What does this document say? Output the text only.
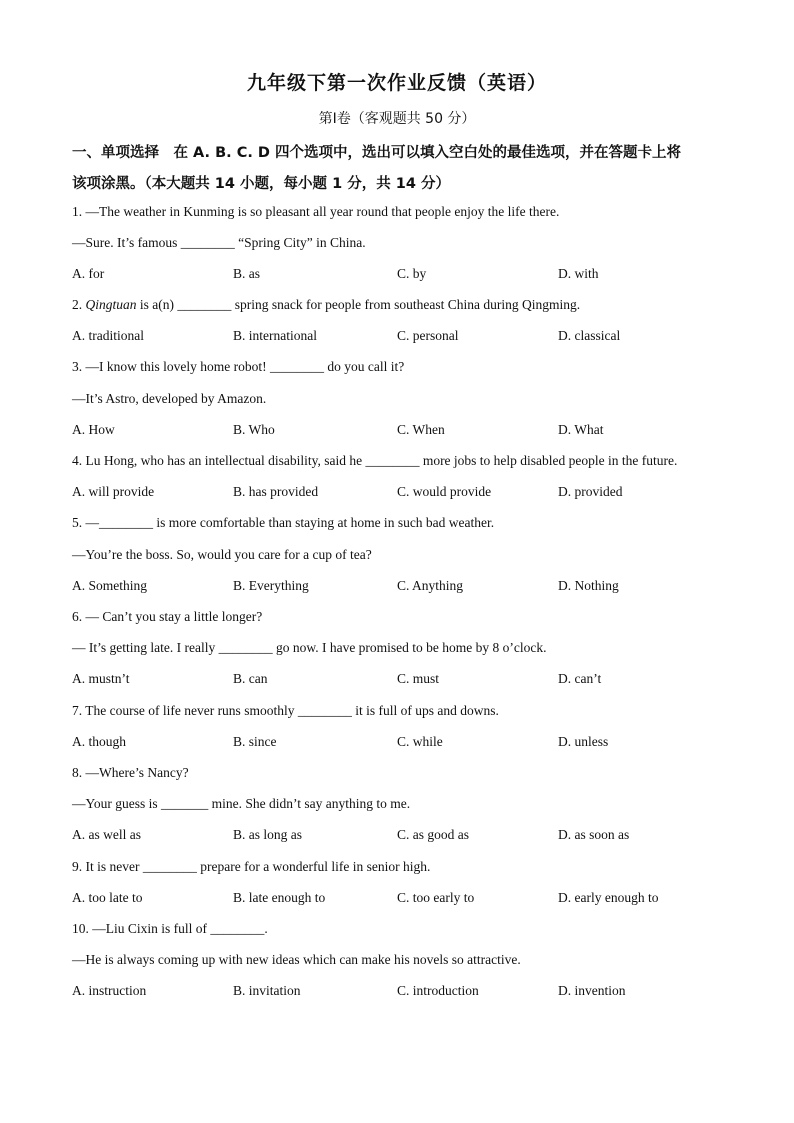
九年级下第一次作业反馈（英语）
第Ⅰ卷（客观题共 50 分）
一、单项选择　在 A. B. C. D 四个选项中，选出可以填入空白处的最佳选项，并在答题卡上将
该项涂黑。（本大题共 14 小题，每小题 1 分，共 14 分）
1. —The weather in Kunming is so pleasant all year round that people enjoy the life there.
—Sure. It’s famous ________ “Spring City” in China.
A. for	B. as	C. by	D. with
2. Qingtuan is a(n) ________ spring snack for people from southeast China during Qingming.
A. traditional	B. international	C. personal	D. classical
3. —I know this lovely home robot! ________ do you call it?
—It’s Astro, developed by Amazon.
A. How	B. Who	C. When	D. What
4. Lu Hong, who has an intellectual disability, said he ________ more jobs to help disabled people in the future.
A. will provide	B. has provided	C. would provide	D. provided
5. —________ is more comfortable than staying at home in such bad weather.
—You’re the boss. So, would you care for a cup of tea?
A. Something	B. Everything	C. Anything	D. Nothing
6. — Can’t you stay a little longer?
— It’s getting late. I really ________ go now. I have promised to be home by 8 o’clock.
A. mustn’t	B. can	C. must	D. can’t
7. The course of life never runs smoothly ________ it is full of ups and downs.
A. though	B. since	C. while	D. unless
8. —Where’s Nancy?
—Your guess is _______ mine. She didn’t say anything to me.
A. as well as	B. as long as	C. as good as	D. as soon as
9. It is never ________ prepare for a wonderful life in senior high.
A. too late to	B. late enough to	C. too early to	D. early enough to
10. —Liu Cixin is full of ________.
—He is always coming up with new ideas which can make his novels so attractive.
A. instruction	B. invitation	C. introduction	D. invention
